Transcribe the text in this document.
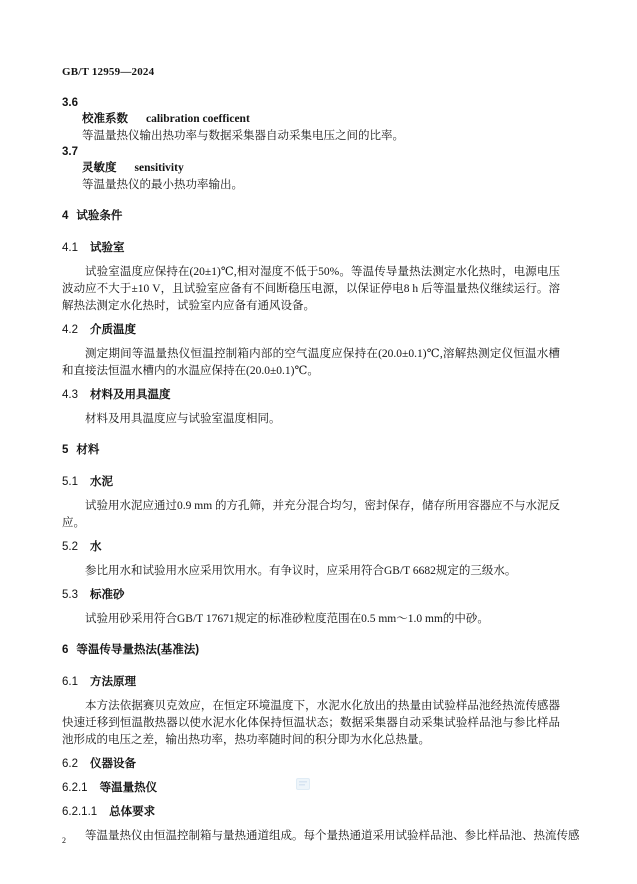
GB/T 12959—2024
3.6
校准系数 calibration coefficent
等温量热仪输出热功率与数据采集器自动采集电压之间的比率。
3.7
灵敏度 sensitivity
等温量热仪的最小热功率输出。
4 试验条件
4.1 试验室

试验室温度应保持在(20±1)℃,相对湿度不低于50%。等温传导量热法测定水化热时，电源电压波动应不大于±10 V，且试验室应备有不间断稳压电源，以保证停电8 h 后等温量热仪继续运行。溶解热法测定水化热时，试验室内应备有通风设备。

4.2 介质温度

测定期间等温量热仪恒温控制箱内部的空气温度应保持在(20.0±0.1)℃,溶解热测定仪恒温水槽和直接法恒温水槽内的水温应保持在(20.0±0.1)℃。

4.3 材料及用具温度

材料及用具温度应与试验室温度相同。

5 材料
5.1 水泥

试验用水泥应通过0.9 mm 的方孔筛，并充分混合均匀，密封保存，储存所用容器应不与水泥反应。

5.2 水

参比用水和试验用水应采用饮用水。有争议时，应采用符合GB/T 6682规定的三级水。

5.3 标准砂

试验用砂采用符合GB/T 17671规定的标准砂粒度范围在0.5 mm～1.0 mm的中砂。

6 等温传导量热法(基准法)
6.1 方法原理

本方法依据赛贝克效应，在恒定环境温度下，水泥水化放出的热量由试验样品池经热流传感器快速迁移到恒温散热器以使水泥水化体保持恒温状态；数据采集器自动采集试验样品池与参比样品池形成的电压之差，输出热功率，热功率随时间的积分即为水化总热量。

6.2 仪器设备
6.2.1 等温量热仪
6.2.1.1 总体要求

等温量热仪由恒温控制箱与量热通道组成。每个量热通道采用试验样品池、参比样品池、热流传感

2
